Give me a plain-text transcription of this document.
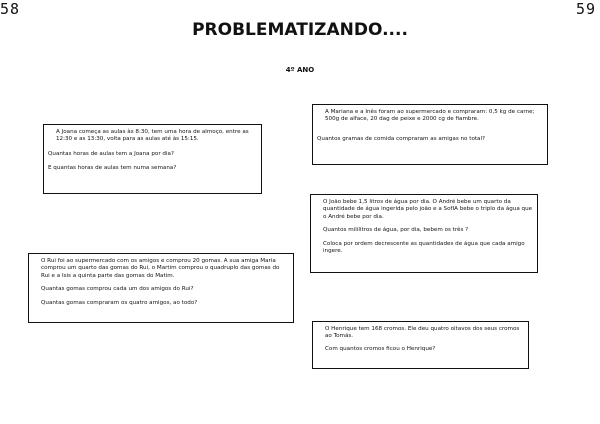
58	59
PROBLEMATIZANDO....
4º ANO

A Joana começa as aulas às 8:30, tem uma hora de almoço, entre as 12:30 e as 13:30, volta para as aulas até às 15:15.

Quantas horas de aulas tem a Joana por dia?

E quantas horas de aulas tem numa semana?

A Mariana e a Inês foram ao supermercado e compraram: 0,5 kg de carne; 500g de alface, 20 dag de peixe e 2000 cg de fiambre.

Quantos gramas de comida compraram as amigas no total?

O João bebe 1,5 litros de água por dia. O André bebe um quarto da quantidade de água ingerida pelo joão e a SofIA bebe o triplo da água que o André bebe por dia.

Quantos mililitros de água, por dia, bebem os três ?

Coloca por ordem decrescente as quantidades de água que cada amigo ingere.

O Rui foi ao supermercado com os amigos e comprou 20 gomas. A sua amiga Maria comprou um quarto das gomas do Rui, o Martim comprou o quadruplo das gomas do Rui e a Isis a quinta parte das gomas do Matim.

Quantas gomas comprou cada um dos amigos do Rui?

Quantas gomas compraram os quatro amigos, ao todo?

O Henrique tem 168 cromos. Ele deu quatro oitavos dos seus cromos ao Tomás.

Com quantos cromos ficou o Henrique?
